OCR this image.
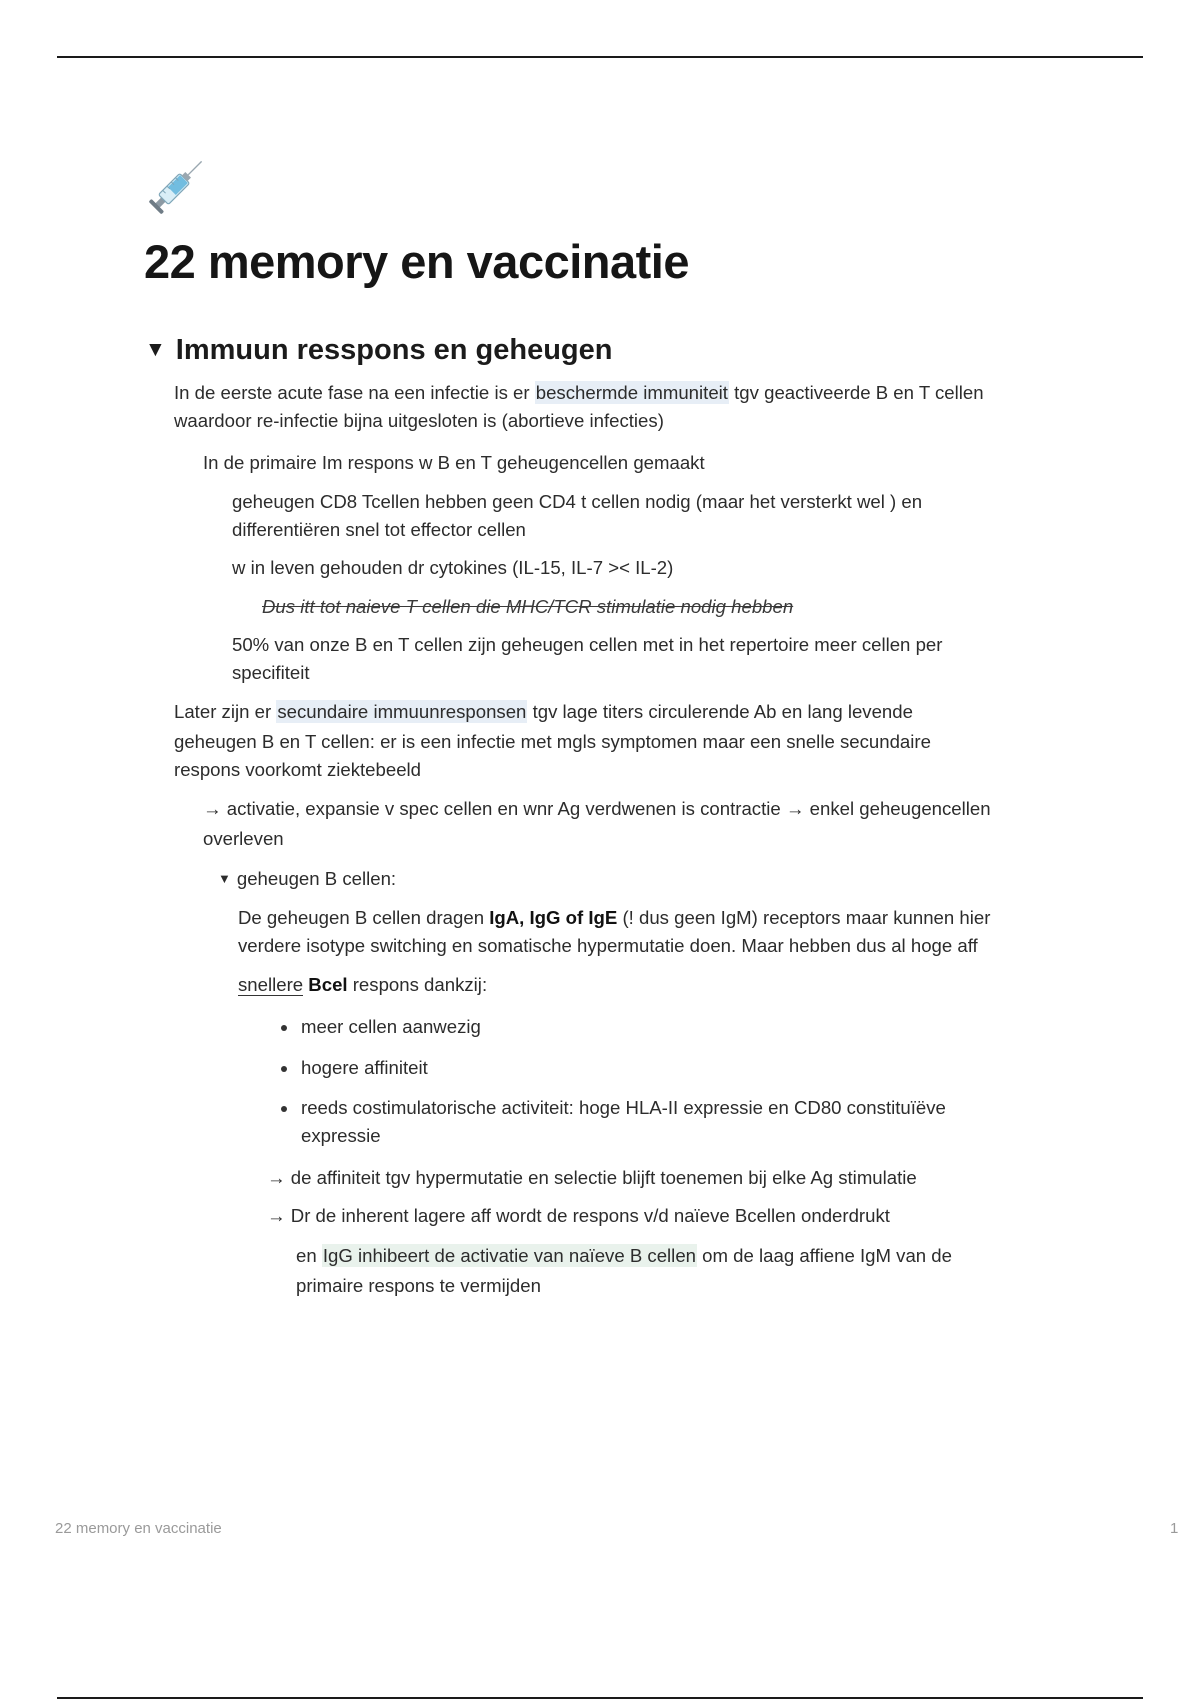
22 memory en vaccinatie
▼ Immuun resspons en geheugen

In de eerste acute fase na een infectie is er beschermde immuniteit tgv geactiveerde B en T cellen

waardoor re-infectie bijna uitgesloten is (abortieve infecties)

In de primaire Im respons w B en T geheugencellen gemaakt

geheugen CD8 Tcellen hebben geen CD4 t cellen nodig (maar het versterkt wel ) en

differentiëren snel tot effector cellen

w in leven gehouden dr cytokines (IL-15, IL-7 >< IL-2)

Dus itt tot naieve T cellen die MHC/TCR stimulatie nodig hebben

50% van onze B en T cellen zijn geheugen cellen met in het repertoire meer cellen per

specifiteit

Later zijn er secundaire immuunresponsen tgv lage titers circulerende Ab en lang levende

geheugen B en T cellen: er is een infectie met mgls symptomen maar een snelle secundaire

respons voorkomt ziektebeeld

→ activatie, expansie v spec cellen en wnr Ag verdwenen is contractie → enkel geheugencellen

overleven

▼ geheugen B cellen:

De geheugen B cellen dragen IgA, IgG of IgE (! dus geen IgM) receptors maar kunnen hier

verdere isotype switching en somatische hypermutatie doen. Maar hebben dus al hoge aff

snellere Bcel respons dankzij:

meer cellen aanwezig

hogere affiniteit

reeds costimulatorische activiteit: hoge HLA-II expressie en CD80 constituïëve

expressie

→ de affiniteit tgv hypermutatie en selectie blijft toenemen bij elke Ag stimulatie

→ Dr de inherent lagere aff wordt de respons v/d naïeve Bcellen onderdrukt

en IgG inhibeert de activatie van naïeve B cellen om de laag affiene IgM van de

primaire respons te vermijden

22 memory en vaccinatie	1
